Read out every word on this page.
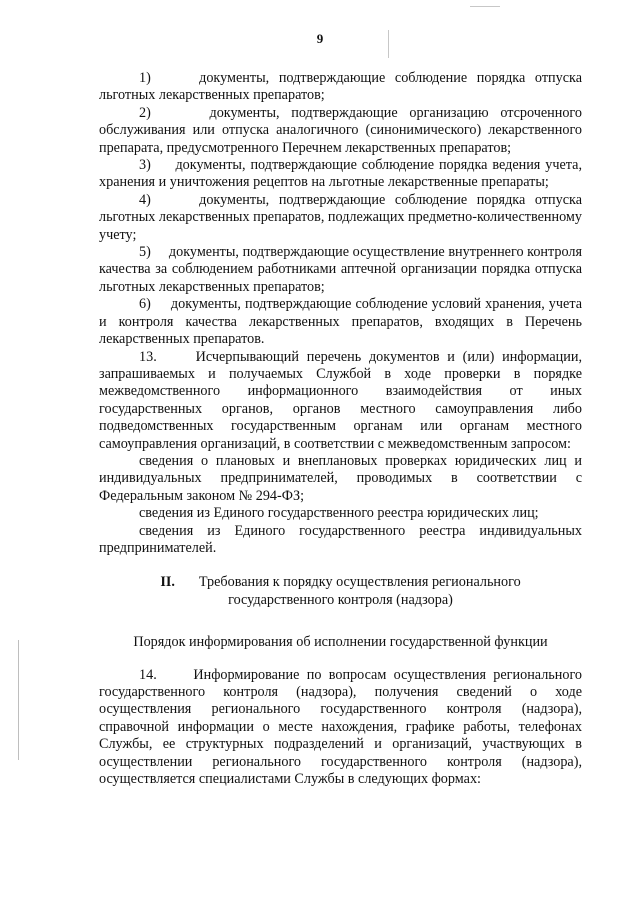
9

1)     документы, подтверждающие соблюдение порядка отпуска льготных лекарственных препаратов;

2)     документы, подтверждающие организацию отсроченного обслуживания или отпуска аналогичного (синонимического) лекарственного препарата, предусмотренного Перечнем лекарственных препаратов;

3)     документы, подтверждающие соблюдение порядка ведения учета, хранения и уничтожения рецептов на льготные лекарственные препараты;

4)     документы, подтверждающие соблюдение порядка отпуска льготных лекарственных препаратов, подлежащих предметно-количественному учету;

5)     документы, подтверждающие осуществление внутреннего контроля качества за соблюдением работниками аптечной организации порядка отпуска льготных лекарственных препаратов;

6)     документы, подтверждающие соблюдение условий хранения, учета и контроля качества лекарственных препаратов, входящих в Перечень лекарственных препаратов.

13.     Исчерпывающий перечень документов и (или) информации, запрашиваемых и получаемых Службой в ходе проверки в порядке межведомственного информационного взаимодействия от иных государственных органов, органов местного самоуправления либо подведомственных государственным органам или органам местного самоуправления организаций, в соответствии с межведомственным запросом:

сведения о плановых и внеплановых проверках юридических лиц и индивидуальных предпринимателей, проводимых в соответствии с Федеральным законом № 294-ФЗ;

сведения из Единого государственного реестра юридических лиц;

сведения из Единого государственного реестра индивидуальных предпринимателей.

II. Требования к порядку осуществления регионального
государственного контроля (надзора)
Порядок информирования об исполнении государственной функции

14.     Информирование по вопросам осуществления регионального государственного контроля (надзора), получения сведений о ходе осуществления регионального государственного контроля (надзора), справочной информации о месте нахождения, графике работы, телефонах Службы, ее структурных подразделений и организаций, участвующих в осуществлении регионального государственного контроля (надзора), осуществляется специалистами Службы в следующих формах:
